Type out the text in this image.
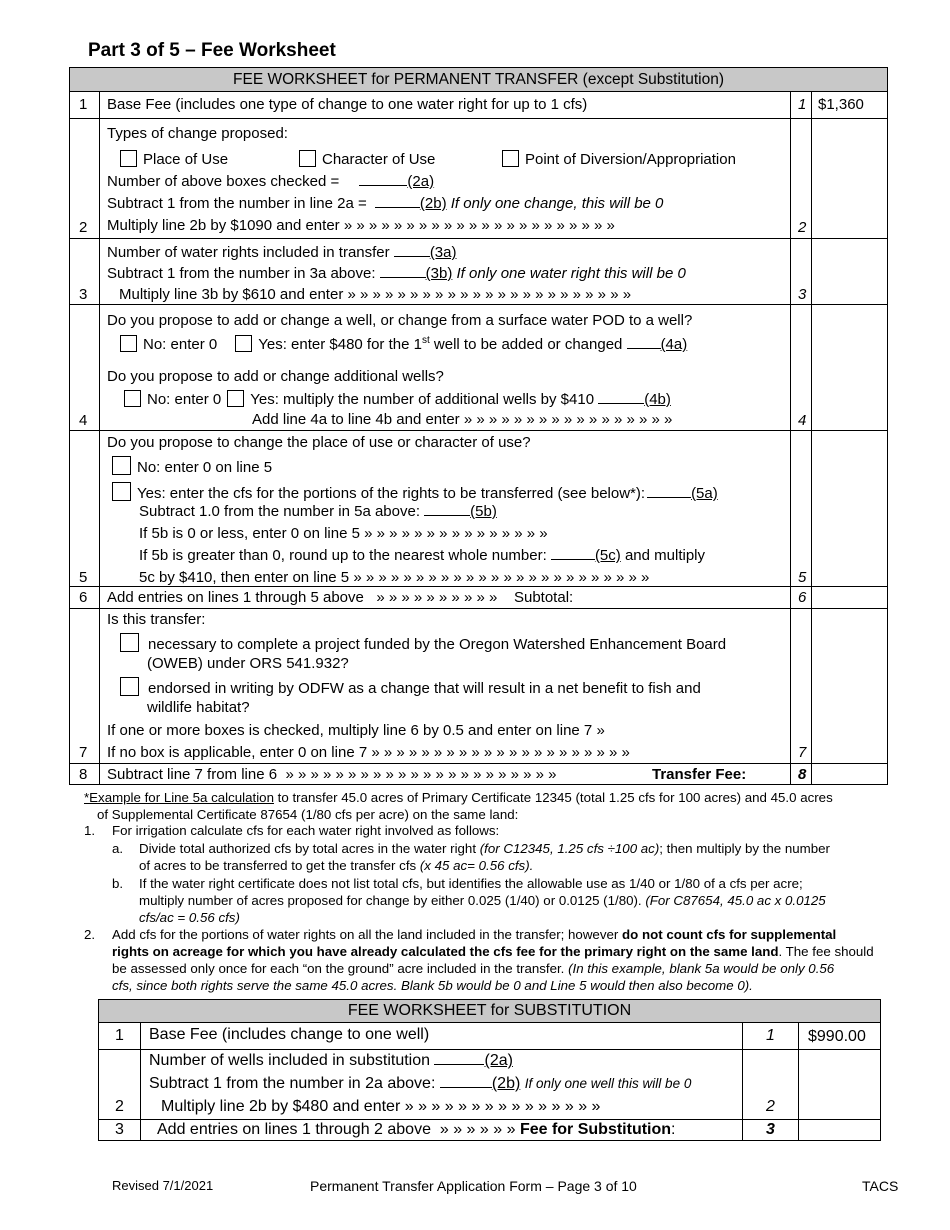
Part 3 of 5 – Fee Worksheet
FEE WORKSHEET for PERMANENT TRANSFER (except Substitution)
1 Base Fee (includes one type of change to one water right for up to 1 cfs)	1 $1,360
Types of change proposed:
Place of Use	Character of Use	Point of Diversion/Appropriation
Number of above boxes checked =	(2a)
Subtract 1 from the number in line 2a =	(2b) If only one change, this will be 0
Multiply line 2b by $1090 and enter » » » » » » » » » » » » » » » » » » » » » »
2	2
Number of water rights included in transfer	(3a)
Subtract 1 from the number in 3a above:	(3b) If only one water right this will be 0
Multiply line 3b by $610 and enter » » » » » » » » » » » » » » » » » » » » » » »
3	3
Do you propose to add or change a well, or change from a surface water POD to a well?
No: enter 0	Yes: enter $480 for the 1st well to be added or changed	(4a)
Do you propose to add or change additional wells?
No: enter 0 Yes: multiply the number of additional wells by $410	(4b)
Add line 4a to line 4b and enter » » » » » » » » » » » » » » » » »
4	4
Do you propose to change the place of use or character of use?
No: enter 0 on line 5
Yes: enter the cfs for the portions of the rights to be transferred (see below*):	(5a)
Subtract 1.0 from the number in 5a above:	(5b)
If 5b is 0 or less, enter 0 on line 5 » » » » » » » » » » » » » » »
If 5b is greater than 0, round up to the nearest whole number:	(5c) and multiply
5c by $410, then enter on line 5 » » » » » » » » » » » » » » » » » » » » » » » »
5	5
Add entries on lines 1 through 5 above » » » » » » » » » » Subtotal:
6	6
Is this transfer:
necessary to complete a project funded by the Oregon Watershed Enhancement Board
(OWEB) under ORS 541.932?
endorsed in writing by ODFW as a change that will result in a net benefit to fish and
wildlife habitat?
If one or more boxes is checked, multiply line 6 by 0.5 and enter on line 7 »
If no box is applicable, enter 0 on line 7 » » » » » » » » » » » » » » » » » » » » »
7	7
Subtract line 7 from line 6 » » » » » » » » » » » » » » » » » » » » » »	Transfer Fee:
8	8
*Example for Line 5a calculation to transfer 45.0 acres of Primary Certificate 12345 (total 1.25 cfs for 100 acres) and 45.0 acres
of Supplemental Certificate 87654 (1/80 cfs per acre) on the same land:
1. For irrigation calculate cfs for each water right involved as follows:
a. Divide total authorized cfs by total acres in the water right (for C12345, 1.25 cfs ÷100 ac); then multiply by the number
of acres to be transferred to get the transfer cfs (x 45 ac= 0.56 cfs).
b. If the water right certificate does not list total cfs, but identifies the allowable use as 1/40 or 1/80 of a cfs per acre;
multiply number of acres proposed for change by either 0.025 (1/40) or 0.0125 (1/80). (For C87654, 45.0 ac x 0.0125
cfs/ac = 0.56 cfs)
2. Add cfs for the portions of water rights on all the land included in the transfer; however do not count cfs for supplemental
rights on acreage for which you have already calculated the cfs fee for the primary right on the same land. The fee should
be assessed only once for each “on the ground” acre included in the transfer. (In this example, blank 5a would be only 0.56
cfs, since both rights serve the same 45.0 acres. Blank 5b would be 0 and Line 5 would then also become 0).
FEE WORKSHEET for SUBSTITUTION
1 Base Fee (includes change to one well)	1 $990.00
Number of wells included in substitution	(2a)
Subtract 1 from the number in 2a above:	(2b) If only one well this will be 0
Multiply line 2b by $480 and enter » » » » » » » » » » » » » » »
2	2
Add entries on lines 1 through 2 above » » » » » » Fee for Substitution:
3	3
Revised 7/1/2021	Permanent Transfer Application Form – Page 3 of 10	TACS
